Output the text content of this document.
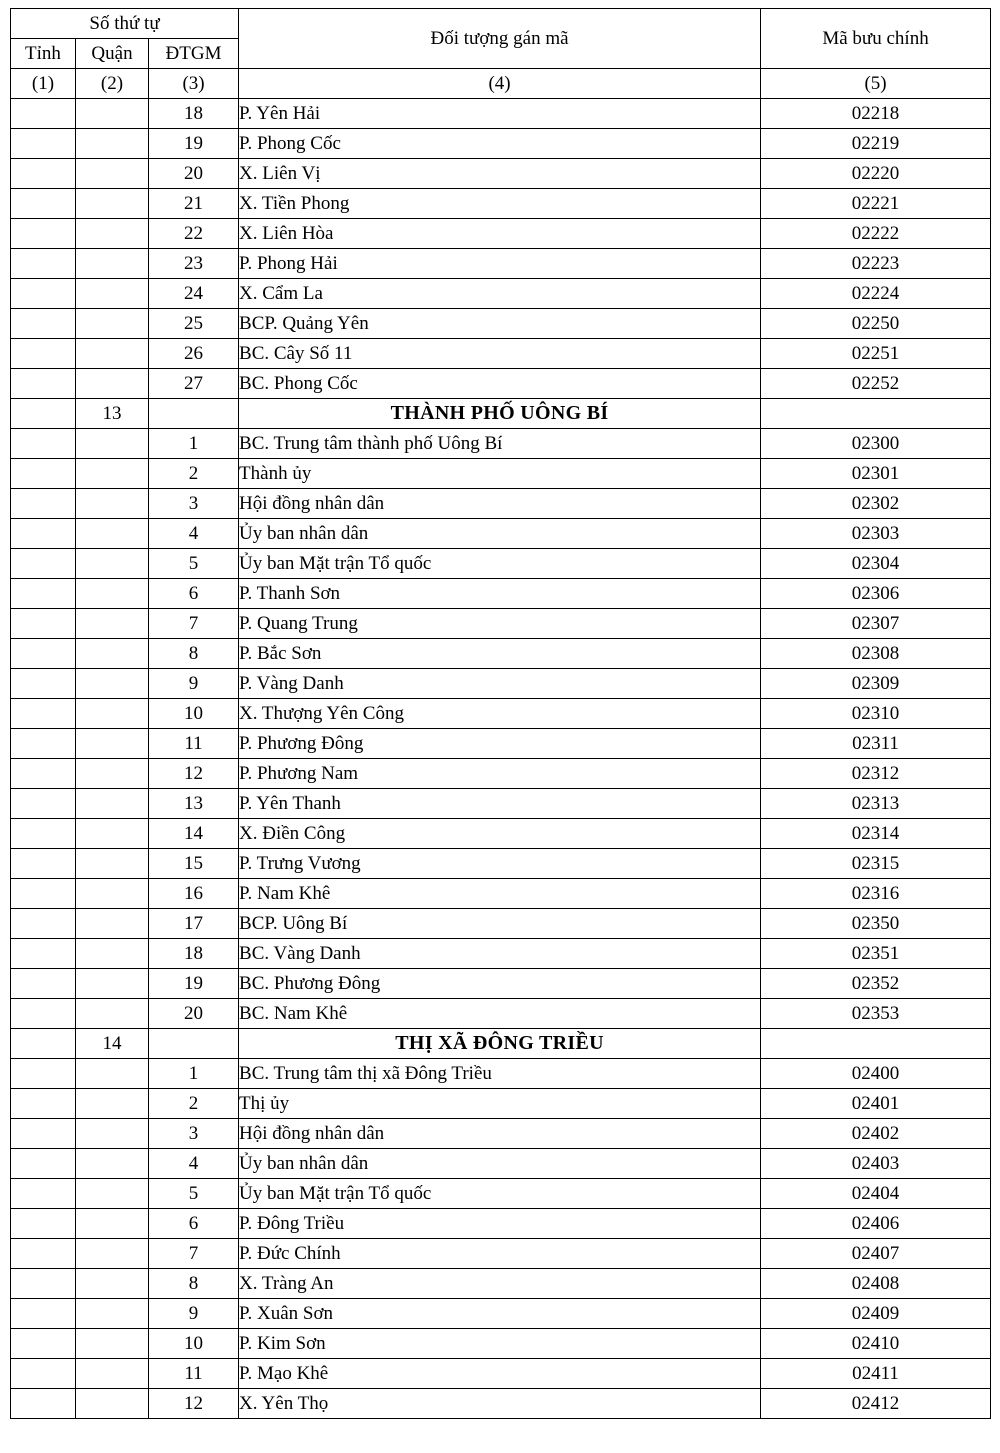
Số thứ tự			Đối tượng gán mã	Mã bưu chính
Tỉnh	Quận	ĐTGM		
(1)	(2)	(3)	(4)	(5)
		18	P. Yên Hải	02218
		19	P. Phong Cốc	02219
		20	X. Liên Vị	02220
		21	X. Tiền Phong	02221
		22	X. Liên Hòa	02222
		23	P. Phong Hải	02223
		24	X. Cẩm La	02224
		25	BCP. Quảng Yên	02250
		26	BC. Cây Số 11	02251
		27	BC. Phong Cốc	02252
	13		THÀNH PHỐ UÔNG BÍ	
		1	BC. Trung tâm thành phố Uông Bí	02300
		2	Thành ủy	02301
		3	Hội đồng nhân dân	02302
		4	Ủy ban nhân dân	02303
		5	Ủy ban Mặt trận Tổ quốc	02304
		6	P. Thanh Sơn	02306
		7	P. Quang Trung	02307
		8	P. Bắc Sơn	02308
		9	P. Vàng Danh	02309
		10	X. Thượng Yên Công	02310
		11	P. Phương Đông	02311
		12	P. Phương Nam	02312
		13	P. Yên Thanh	02313
		14	X. Điền Công	02314
		15	P. Trưng Vương	02315
		16	P. Nam Khê	02316
		17	BCP. Uông Bí	02350
		18	BC. Vàng Danh	02351
		19	BC. Phương Đông	02352
		20	BC. Nam Khê	02353
	14		THỊ XÃ ĐÔNG TRIỀU	
		1	BC. Trung tâm thị xã Đông Triều	02400
		2	Thị ủy	02401
		3	Hội đồng nhân dân	02402
		4	Ủy ban nhân dân	02403
		5	Ủy ban Mặt trận Tổ quốc	02404
		6	P. Đông Triều	02406
		7	P. Đức Chính	02407
		8	X. Tràng An	02408
		9	P. Xuân Sơn	02409
		10	P. Kim Sơn	02410
		11	P. Mạo Khê	02411
		12	X. Yên Thọ	02412
